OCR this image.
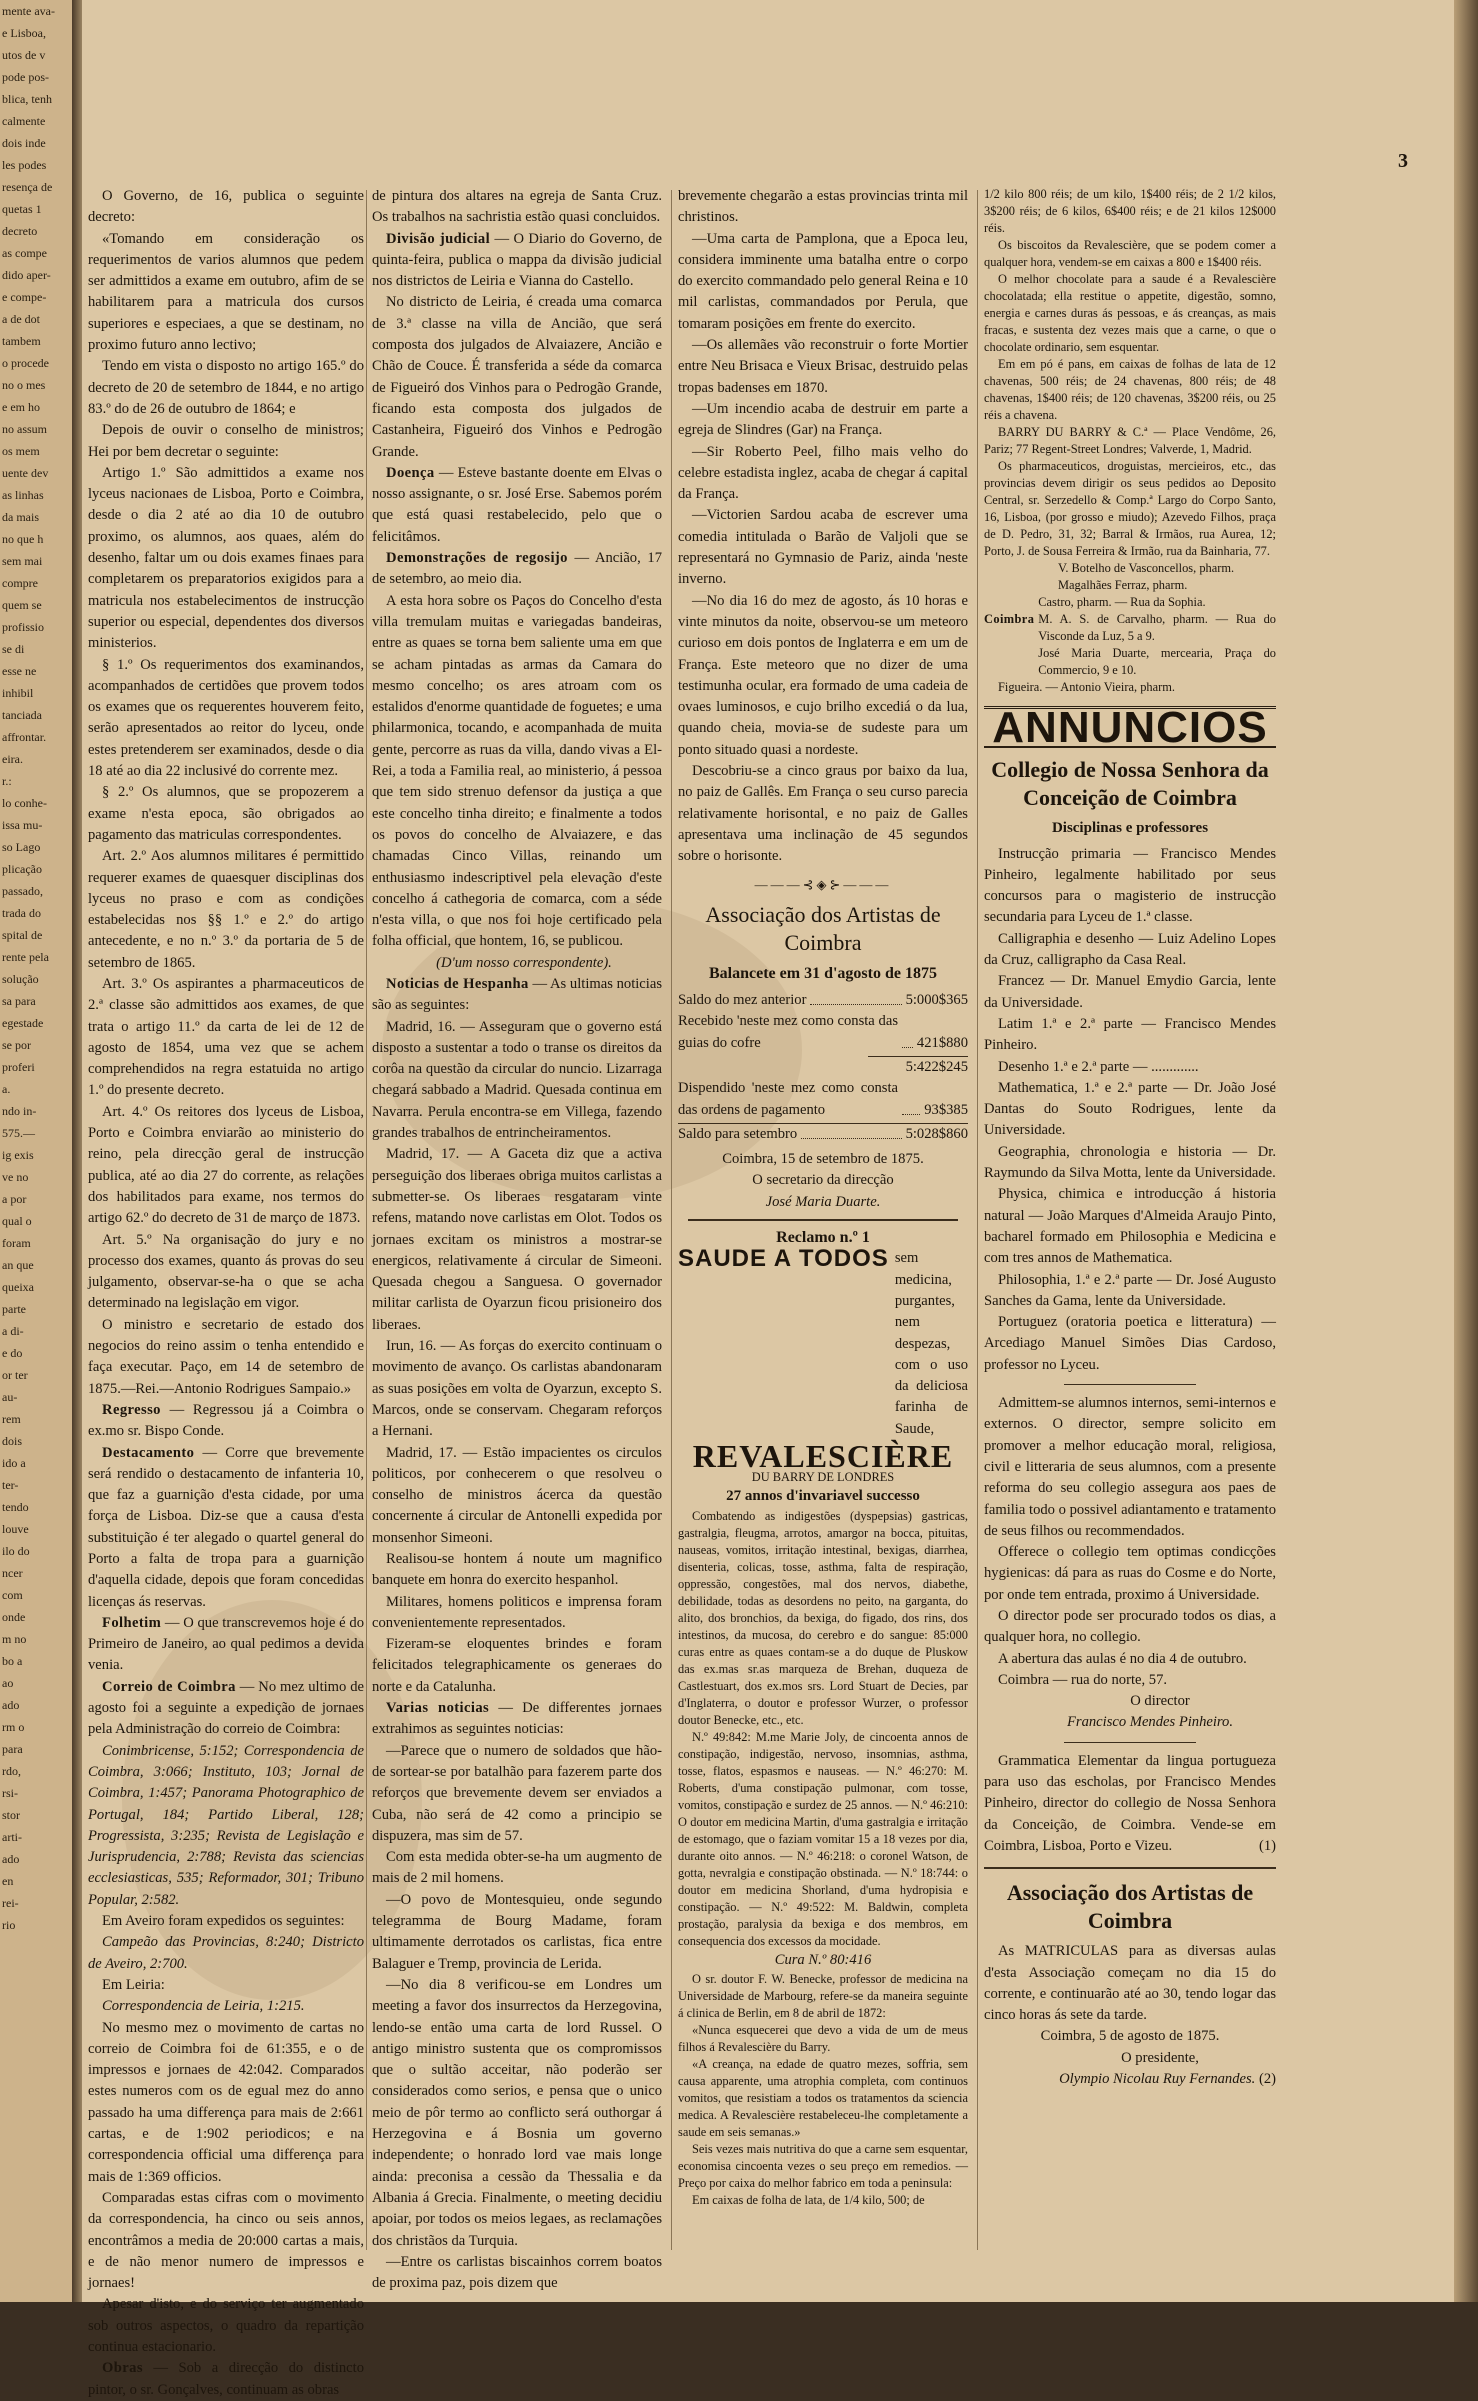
mente ava-
e Lisboa,
utos de v
pode pos-
blica, tenh
calmente
dois inde
les podes
resença de
quetas 1
decreto
as compe
dido aper-
e compe-
a de dot
tambem
o procede
no o mes
e em ho
no assum
os mem
uente dev
as linhas
da mais
no que h
sem mai
compre
quem se
profissio
se di
esse ne
inhibil
tanciada
affrontar.
eira.
r.:
lo conhe-
issa mu-
so Lago
plicação
passado,
trada do
spital de
rente pela
solução
sa para
egestade
se por
proferi
a.
ndo in-
575.—
ig exis
ve no
a por
qual o
foram
an que
queixa
parte
a di-
e do
or ter
au-
rem
dois
ido a
ter-
tendo
louve
ilo do
ncer
com
onde
m no
bo a
ao
ado
rm o
para
rdo,
rsi-
stor
arti-
ado
en
rei-
rio
3

O Governo, de 16, publica o seguinte decreto:

«Tomando em consideração os requerimentos de varios alumnos que pedem ser admittidos a exame em outubro, afim de se habilitarem para a matricula dos cursos superiores e especiaes, a que se destinam, no proximo futuro anno lectivo;

Tendo em vista o disposto no artigo 165.º do decreto de 20 de setembro de 1844, e no artigo 83.º do de 26 de outubro de 1864; e

Depois de ouvir o conselho de ministros; Hei por bem decretar o seguinte:

Artigo 1.º São admittidos a exame nos lyceus nacionaes de Lisboa, Porto e Coimbra, desde o dia 2 até ao dia 10 de outubro proximo, os alumnos, aos quaes, além do desenho, faltar um ou dois exames finaes para completarem os preparatorios exigidos para a matricula nos estabelecimentos de instrucção superior ou especial, dependentes dos diversos ministerios.

§ 1.º Os requerimentos dos examinandos, acompanhados de certidões que provem todos os exames que os requerentes houverem feito, serão apresentados ao reitor do lyceu, onde estes pretenderem ser examinados, desde o dia 18 até ao dia 22 inclusivé do corrente mez.

§ 2.º Os alumnos, que se propozerem a exame n'esta epoca, são obrigados ao pagamento das matriculas correspondentes.

Art. 2.º Aos alumnos militares é permittido requerer exames de quaesquer disciplinas dos lyceus no praso e com as condições estabelecidas nos §§ 1.º e 2.º do artigo antecedente, e no n.º 3.º da portaria de 5 de setembro de 1865.

Art. 3.º Os aspirantes a pharmaceuticos de 2.ª classe são admittidos aos exames, de que trata o artigo 11.º da carta de lei de 12 de agosto de 1854, uma vez que se achem comprehendidos na regra estatuida no artigo 1.º do presente decreto.

Art. 4.º Os reitores dos lyceus de Lisboa, Porto e Coimbra enviarão ao ministerio do reino, pela direcção geral de instrucção publica, até ao dia 27 do corrente, as relações dos habilitados para exame, nos termos do artigo 62.º do decreto de 31 de março de 1873.

Art. 5.º Na organisação do jury e no processo dos exames, quanto ás provas do seu julgamento, observar-se-ha o que se acha determinado na legislação em vigor.

O ministro e secretario de estado dos negocios do reino assim o tenha entendido e faça executar. Paço, em 14 de setembro de 1875.—Rei.—Antonio Rodrigues Sampaio.»

Regresso — Regressou já a Coimbra o ex.mo sr. Bispo Conde.

Destacamento — Corre que brevemente será rendido o destacamento de infanteria 10, que faz a guarnição d'esta cidade, por uma força de Lisboa. Diz-se que a causa d'esta substituição é ter alegado o quartel general do Porto a falta de tropa para a guarnição d'aquella cidade, depois que foram concedidas licenças ás reservas.

Folhetim — O que transcrevemos hoje é do Primeiro de Janeiro, ao qual pedimos a devida venia.

Correio de Coimbra — No mez ultimo de agosto foi a seguinte a expedição de jornaes pela Administração do correio de Coimbra:

Conimbricense, 5:152; Correspondencia de Coimbra, 3:066; Instituto, 103; Jornal de Coimbra, 1:457; Panorama Photographico de Portugal, 184; Partido Liberal, 128; Progressista, 3:235; Revista de Legislação e Jurisprudencia, 2:788; Revista das sciencias ecclesiasticas, 535; Reformador, 301; Tribuno Popular, 2:582.

Em Aveiro foram expedidos os seguintes:

Campeão das Provincias, 8:240; Districto de Aveiro, 2:700.

Em Leiria:

Correspondencia de Leiria, 1:215.

No mesmo mez o movimento de cartas no correio de Coimbra foi de 61:355, e o de impressos e jornaes de 42:042. Comparados estes numeros com os de egual mez do anno passado ha uma differença para mais de 2:661 cartas, e de 1:902 periodicos; e na correspondencia official uma differença para mais de 1:369 officios.

Comparadas estas cifras com o movimento da correspondencia, ha cinco ou seis annos, encontrâmos a media de 20:000 cartas a mais, e de não menor numero de impressos e jornaes!

Apesar d'isto, e do serviço ter augmentado sob outros aspectos, o quadro da repartição continua estacionario.

Obras — Sob a direcção do distincto pintor, o sr. Gonçalves, continuam as obras

de pintura dos altares na egreja de Santa Cruz. Os trabalhos na sachristia estão quasi concluidos.

Divisão judicial — O Diario do Governo, de quinta-feira, publica o mappa da divisão judicial nos districtos de Leiria e Vianna do Castello.

No districto de Leiria, é creada uma comarca de 3.ª classe na villa de Ancião, que será composta dos julgados de Alvaiazere, Ancião e Chão de Couce. É transferida a séde da comarca de Figueiró dos Vinhos para o Pedrogão Grande, ficando esta composta dos julgados de Castanheira, Figueiró dos Vinhos e Pedrogão Grande.

Doença — Esteve bastante doente em Elvas o nosso assignante, o sr. José Erse. Sabemos porém que está quasi restabelecido, pelo que o felicitâmos.

Demonstrações de regosijo — Ancião, 17 de setembro, ao meio dia.

A esta hora sobre os Paços do Concelho d'esta villa tremulam muitas e variegadas bandeiras, entre as quaes se torna bem saliente uma em que se acham pintadas as armas da Camara do mesmo concelho; os ares atroam com os estalidos d'enorme quantidade de foguetes; e uma philarmonica, tocando, e acompanhada de muita gente, percorre as ruas da villa, dando vivas a El-Rei, a toda a Familia real, ao ministerio, á pessoa que tem sido strenuo defensor da justiça a que este concelho tinha direito; e finalmente a todos os povos do concelho de Alvaiazere, e das chamadas Cinco Villas, reinando um enthusiasmo indescriptivel pela elevação d'este concelho á cathegoria de comarca, com a séde n'esta villa, o que nos foi hoje certificado pela folha official, que hontem, 16, se publicou.

(D'um nosso correspondente).

Noticias de Hespanha — As ultimas noticias são as seguintes:

Madrid, 16. — Asseguram que o governo está disposto a sustentar a todo o transe os direitos da corôa na questão da circular do nuncio. Lizarraga chegará sabbado a Madrid. Quesada continua em Navarra. Perula encontra-se em Villega, fazendo grandes trabalhos de entrincheiramentos.

Madrid, 17. — A Gaceta diz que a activa perseguição dos liberaes obriga muitos carlistas a submetter-se. Os liberaes resgataram vinte refens, matando nove carlistas em Olot. Todos os jornaes excitam os ministros a mostrar-se energicos, relativamente á circular de Simeoni. Quesada chegou a Sanguesa. O governador militar carlista de Oyarzun ficou prisioneiro dos liberaes.

Irun, 16. — As forças do exercito continuam o movimento de avanço. Os carlistas abandonaram as suas posições em volta de Oyarzun, excepto S. Marcos, onde se conservam. Chegaram reforços a Hernani.

Madrid, 17. — Estão impacientes os circulos politicos, por conhecerem o que resolveu o conselho de ministros ácerca da questão concernente á circular de Antonelli expedida por monsenhor Simeoni.

Realisou-se hontem á noute um magnifico banquete em honra do exercito hespanhol.

Militares, homens politicos e imprensa foram convenientemente representados.

Fizeram-se eloquentes brindes e foram felicitados telegraphicamente os generaes do norte e da Catalunha.

Varias noticias — De differentes jornaes extrahimos as seguintes noticias:

—Parece que o numero de soldados que hão-de sortear-se por batalhão para fazerem parte dos reforços que brevemente devem ser enviados a Cuba, não será de 42 como a principio se dispuzera, mas sim de 57.

Com esta medida obter-se-ha um augmento de mais de 2 mil homens.

—O povo de Montesquieu, onde segundo telegramma de Bourg Madame, foram ultimamente derrotados os carlistas, fica entre Balaguer e Tremp, provincia de Lerida.

—No dia 8 verificou-se em Londres um meeting a favor dos insurrectos da Herzegovina, lendo-se então uma carta de lord Russel. O antigo ministro sustenta que os compromissos que o sultão acceitar, não poderão ser considerados como serios, e pensa que o unico meio de pôr termo ao conflicto será outhorgar á Herzegovina e á Bosnia um governo independente; o honrado lord vae mais longe ainda: preconisa a cessão da Thessalia e da Albania á Grecia. Finalmente, o meeting decidiu apoiar, por todos os meios legaes, as reclamações dos christãos da Turquia.

—Entre os carlistas biscainhos correm boatos de proxima paz, pois dizem que

brevemente chegarão a estas provincias trinta mil christinos.

—Uma carta de Pamplona, que a Epoca leu, considera imminente uma batalha entre o corpo do exercito commandado pelo general Reina e 10 mil carlistas, commandados por Perula, que tomaram posições em frente do exercito.

—Os allemães vão reconstruir o forte Mortier entre Neu Brisaca e Vieux Brisac, destruido pelas tropas badenses em 1870.

—Um incendio acaba de destruir em parte a egreja de Slindres (Gar) na França.

—Sir Roberto Peel, filho mais velho do celebre estadista inglez, acaba de chegar á capital da França.

—Victorien Sardou acaba de escrever uma comedia intitulada o Barão de Valjoli que se representará no Gymnasio de Pariz, ainda 'neste inverno.

—No dia 16 do mez de agosto, ás 10 horas e vinte minutos da noite, observou-se um meteoro curioso em dois pontos de Inglaterra e em um de França. Este meteoro que no dizer de uma testimunha ocular, era formado de uma cadeia de ovaes luminosos, e cujo brilho excediá o da lua, quando cheia, movia-se de sudeste para um ponto situado quasi a nordeste.

Descobriu-se a cinco graus por baixo da lua, no paiz de Gallês. Em França o seu curso parecia relativamente horisontal, e no paiz de Galles apresentava uma inclinação de 45 segundos sobre o horisonte.

———⊰◈⊱———
Associação dos Artistas de Coimbra
Balancete em 31 d'agosto de 1875
Saldo do mez anterior	5:000$365
Recebido 'neste mez como consta das guias do cofre	421$880
5:422$245
Dispendido 'neste mez como consta das ordens de pagamento	93$385
Saldo para setembro	5:028$860

Coimbra, 15 de setembro de 1875.

O secretario da direcção

José Maria Duarte.

Reclamo n.º 1
SAUDE A TODOS sem medicina, purgantes, nem despezas, com o uso da deliciosa farinha de Saude,
REVALESCIÈRE
DU BARRY DE LONDRES
27 annos d'invariavel successo

Combatendo as indigestões (dyspepsias) gastricas, gastralgia, fleugma, arrotos, amargor na bocca, pituitas, nauseas, vomitos, irritação intestinal, bexigas, diarrhea, disenteria, colicas, tosse, asthma, falta de respiração, oppressão, congestões, mal dos nervos, diabethe, debilidade, todas as desordens no peito, na garganta, do alito, dos bronchios, da bexiga, do figado, dos rins, dos intestinos, da mucosa, do cerebro e do sangue: 85:000 curas entre as quaes contam-se a do duque de Pluskow das ex.mas sr.as marqueza de Brehan, duqueza de Castlestuart, dos ex.mos srs. Lord Stuart de Decies, par d'Inglaterra, o doutor e professor Wurzer, o professor doutor Benecke, etc., etc.

N.º 49:842: M.me Marie Joly, de cincoenta annos de constipação, indigestão, nervoso, insomnias, asthma, tosse, flatos, espasmos e nauseas. — N.º 46:270: M. Roberts, d'uma constipação pulmonar, com tosse, vomitos, constipação e surdez de 25 annos. — N.º 46:210: O doutor em medicina Martin, d'uma gastralgia e irritação de estomago, que o faziam vomitar 15 a 18 vezes por dia, durante oito annos. — N.º 46:218: o coronel Watson, de gotta, nevralgia e constipação obstinada. — N.º 18:744: o doutor em medicina Shorland, d'uma hydropisia e constipação. — N.º 49:522: M. Baldwin, completa prostação, paralysia da bexiga e dos membros, em consequencia dos excessos da mocidade.

Cura N.º 80:416

O sr. doutor F. W. Benecke, professor de medicina na Universidade de Marbourg, refere-se da maneira seguinte á clinica de Berlin, em 8 de abril de 1872:

«Nunca esquecerei que devo a vida de um de meus filhos á Revalescière du Barry.

«A creança, na edade de quatro mezes, soffria, sem causa apparente, uma atrophia completa, com continuos vomitos, que resistiam a todos os tratamentos da sciencia medica. A Revalescière restabeleceu-lhe completamente a saude em seis semanas.»

Seis vezes mais nutritiva do que a carne sem esquentar, economisa cincoenta vezes o seu preço em remedios. — Preço por caixa do melhor fabrico em toda a peninsula:

Em caixas de folha de lata, de 1/4 kilo, 500; de

1/2 kilo 800 réis; de um kilo, 1$400 réis; de 2 1/2 kilos, 3$200 réis; de 6 kilos, 6$400 réis; e de 21 kilos 12$000 réis.

Os biscoitos da Revalescière, que se podem comer a qualquer hora, vendem-se em caixas a 800 e 1$400 réis.

O melhor chocolate para a saude é a Revalescière chocolatada; ella restitue o appetite, digestão, somno, energia e carnes duras ás pessoas, e ás creanças, as mais fracas, e sustenta dez vezes mais que a carne, o que o chocolate ordinario, sem esquentar.

Em em pó é pans, em caixas de folhas de lata de 12 chavenas, 500 réis; de 24 chavenas, 800 réis; de 48 chavenas, 1$400 réis; de 120 chavenas, 3$200 réis, ou 25 réis a chavena.

BARRY DU BARRY & C.ª — Place Vendôme, 26, Pariz; 77 Regent-Street Londres; Valverde, 1, Madrid.

Os pharmaceuticos, droguistas, mercieiros, etc., das provincias devem dirigir os seus pedidos ao Deposito Central, sr. Serzedello & Comp.ª Largo do Corpo Santo, 16, Lisboa, (por grosso e miudo); Azevedo Filhos, praça de D. Pedro, 31, 32; Barral & Irmãos, rua Aurea, 12; Porto, J. de Sousa Ferreira & Irmão, rua da Bainharia, 77.

V. Botelho de Vasconcellos, pharm.

Magalhães Ferraz, pharm.

Coimbra

Castro, pharm. — Rua da Sophia.

M. A. S. de Carvalho, pharm. — Rua do Visconde da Luz, 5 a 9.

José Maria Duarte, mercearia, Praça do Commercio, 9 e 10.

Figueira. — Antonio Vieira, pharm.

ANNUNCIOS
Collegio de Nossa Senhora da Conceição de Coimbra
Disciplinas e professores

Instrucção primaria — Francisco Mendes Pinheiro, legalmente habilitado por seus concursos para o magisterio de instrucção secundaria para Lyceu de 1.ª classe.

Calligraphia e desenho — Luiz Adelino Lopes da Cruz, calligrapho da Casa Real.

Francez — Dr. Manuel Emydio Garcia, lente da Universidade.

Latim 1.ª e 2.ª parte — Francisco Mendes Pinheiro.

Desenho 1.ª e 2.ª parte — .............

Mathematica, 1.ª e 2.ª parte — Dr. João José Dantas do Souto Rodrigues, lente da Universidade.

Geographia, chronologia e historia — Dr. Raymundo da Silva Motta, lente da Universidade.

Physica, chimica e introducção á historia natural — João Marques d'Almeida Araujo Pinto, bacharel formado em Philosophia e Medicina e com tres annos de Mathematica.

Philosophia, 1.ª e 2.ª parte — Dr. José Augusto Sanches da Gama, lente da Universidade.

Portuguez (oratoria poetica e litteratura) — Arcediago Manuel Simões Dias Cardoso, professor no Lyceu.

Admittem-se alumnos internos, semi-internos e externos. O director, sempre solicito em promover a melhor educação moral, religiosa, civil e litteraria de seus alumnos, com a presente reforma do seu collegio assegura aos paes de familia todo o possivel adiantamento e tratamento de seus filhos ou recommendados.

Offerece o collegio tem optimas condicções hygienicas: dá para as ruas do Cosme e do Norte, por onde tem entrada, proximo á Universidade.

O director pode ser procurado todos os dias, a qualquer hora, no collegio.

A abertura das aulas é no dia 4 de outubro.

Coimbra — rua do norte, 57.

O director

Francisco Mendes Pinheiro.

Grammatica Elementar da lingua portugueza para uso das escholas, por Francisco Mendes Pinheiro, director do collegio de Nossa Senhora da Conceição, de Coimbra. Vende-se em Coimbra, Lisboa, Porto e Vizeu.	(1)

Associação dos Artistas de Coimbra

As MATRICULAS para as diversas aulas d'esta Associação começam no dia 15 do corrente, e continuarão até ao 30, tendo logar das cinco horas ás sete da tarde.

Coimbra, 5 de agosto de 1875.

O presidente,

Olympio Nicolau Ruy Fernandes. (2)
